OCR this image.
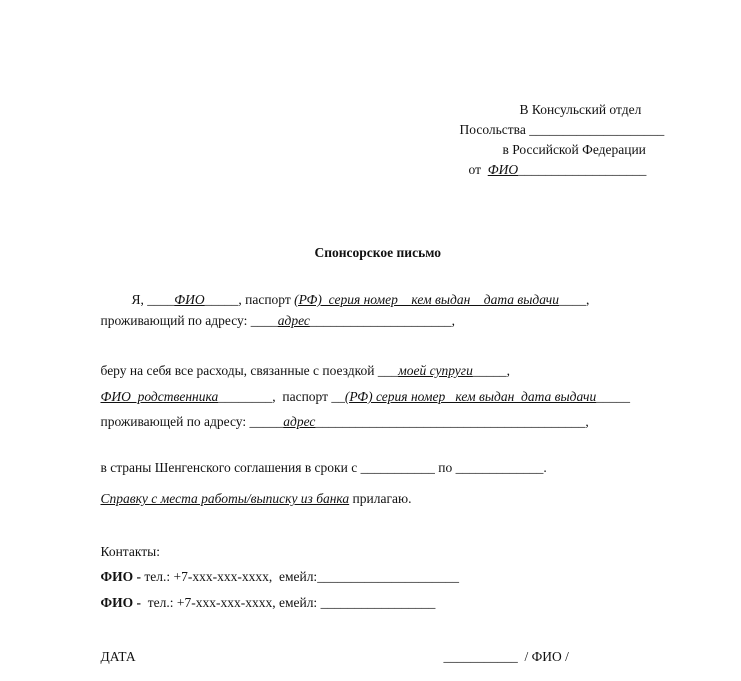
В Консульский отдел

Посольства ____________________

в Российской Федерации

от ФИО___________________

Спонсорское письмо

Я, ____ФИО_____, паспорт (РФ)  серия номер    кем выдан    дата выдачи____,

проживающий по адресу: ____адрес_____________________,

беру на себя все расходы, связанные с поездкой ___моей супруги_____,

ФИО  родственника________,  паспорт __(РФ) серия номер   кем выдан  дата выдачи_____

проживающей по адресу: _____адрес________________________________________,

в страны Шенгенского соглашения в сроки с ___________ по _____________.

Справку с места работы/выписку из банка прилагаю.

Контакты:

ФИО - тел.: +7-xxx-xxx-xxxx,  емейл:_____________________

ФИО -  тел.: +7-xxx-xxx-xxxx, емейл: _________________

ДАТА
	___________ / ФИО /
